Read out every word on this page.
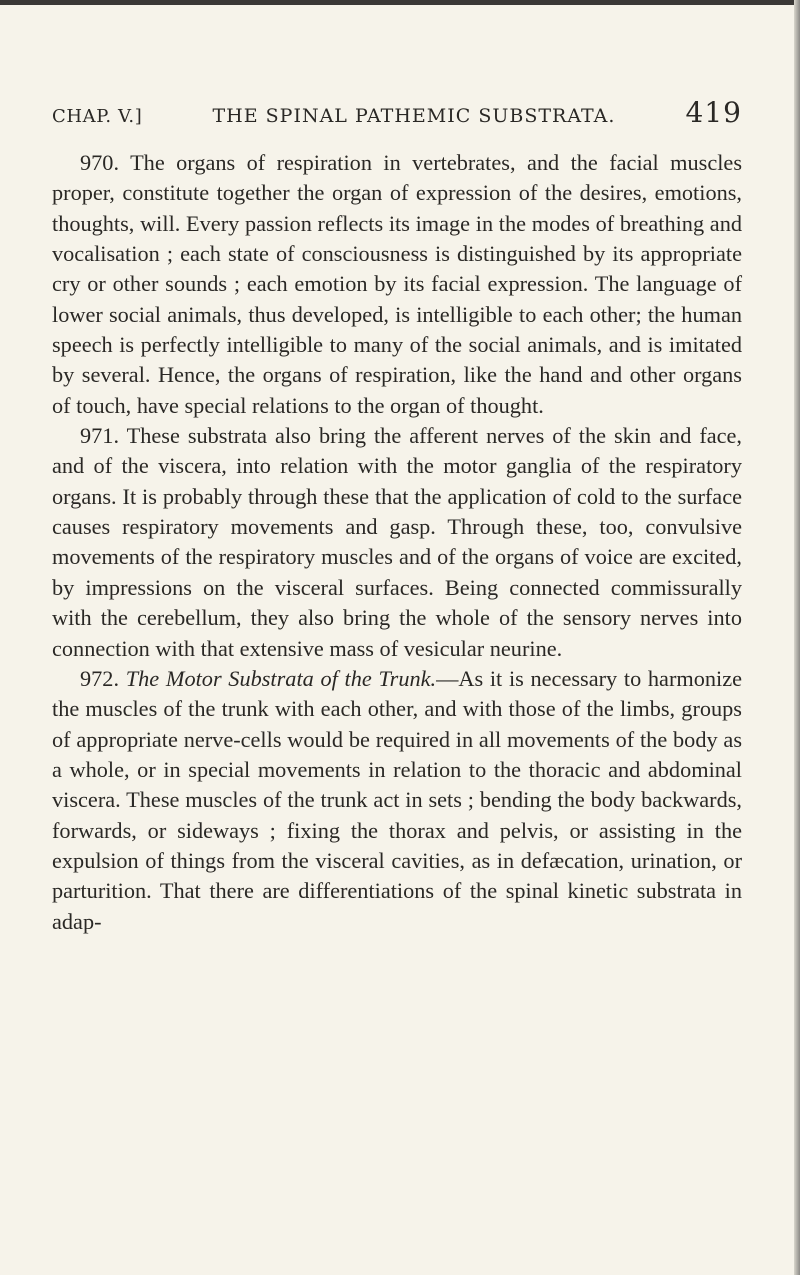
CHAP. V.]	THE SPINAL PATHEMIC SUBSTRATA.	419

970. The organs of respiration in vertebrates, and the facial muscles proper, constitute together the organ of expression of the desires, emotions, thoughts, will. Every passion reflects its image in the modes of breathing and vocalisation ; each state of consciousness is distinguished by its appropriate cry or other sounds ; each emotion by its facial expression. The language of lower social animals, thus developed, is intelligible to each other; the human speech is perfectly intelligible to many of the social animals, and is imitated by several. Hence, the organs of respiration, like the hand and other organs of touch, have special relations to the organ of thought.

971. These substrata also bring the afferent nerves of the skin and face, and of the viscera, into relation with the motor ganglia of the respiratory organs. It is probably through these that the application of cold to the surface causes respiratory movements and gasp. Through these, too, convulsive movements of the respiratory muscles and of the organs of voice are excited, by impressions on the visceral surfaces. Being connected commissurally with the cerebellum, they also bring the whole of the sensory nerves into connection with that extensive mass of vesicular neurine.

972. The Motor Substrata of the Trunk.—As it is necessary to harmonize the muscles of the trunk with each other, and with those of the limbs, groups of appropriate nerve-cells would be required in all movements of the body as a whole, or in special movements in relation to the thoracic and abdominal viscera. These muscles of the trunk act in sets ; bending the body backwards, forwards, or sideways ; fixing the thorax and pelvis, or assisting in the expulsion of things from the visceral cavities, as in defæcation, urination, or parturition. That there are differentiations of the spinal kinetic substrata in adap-
